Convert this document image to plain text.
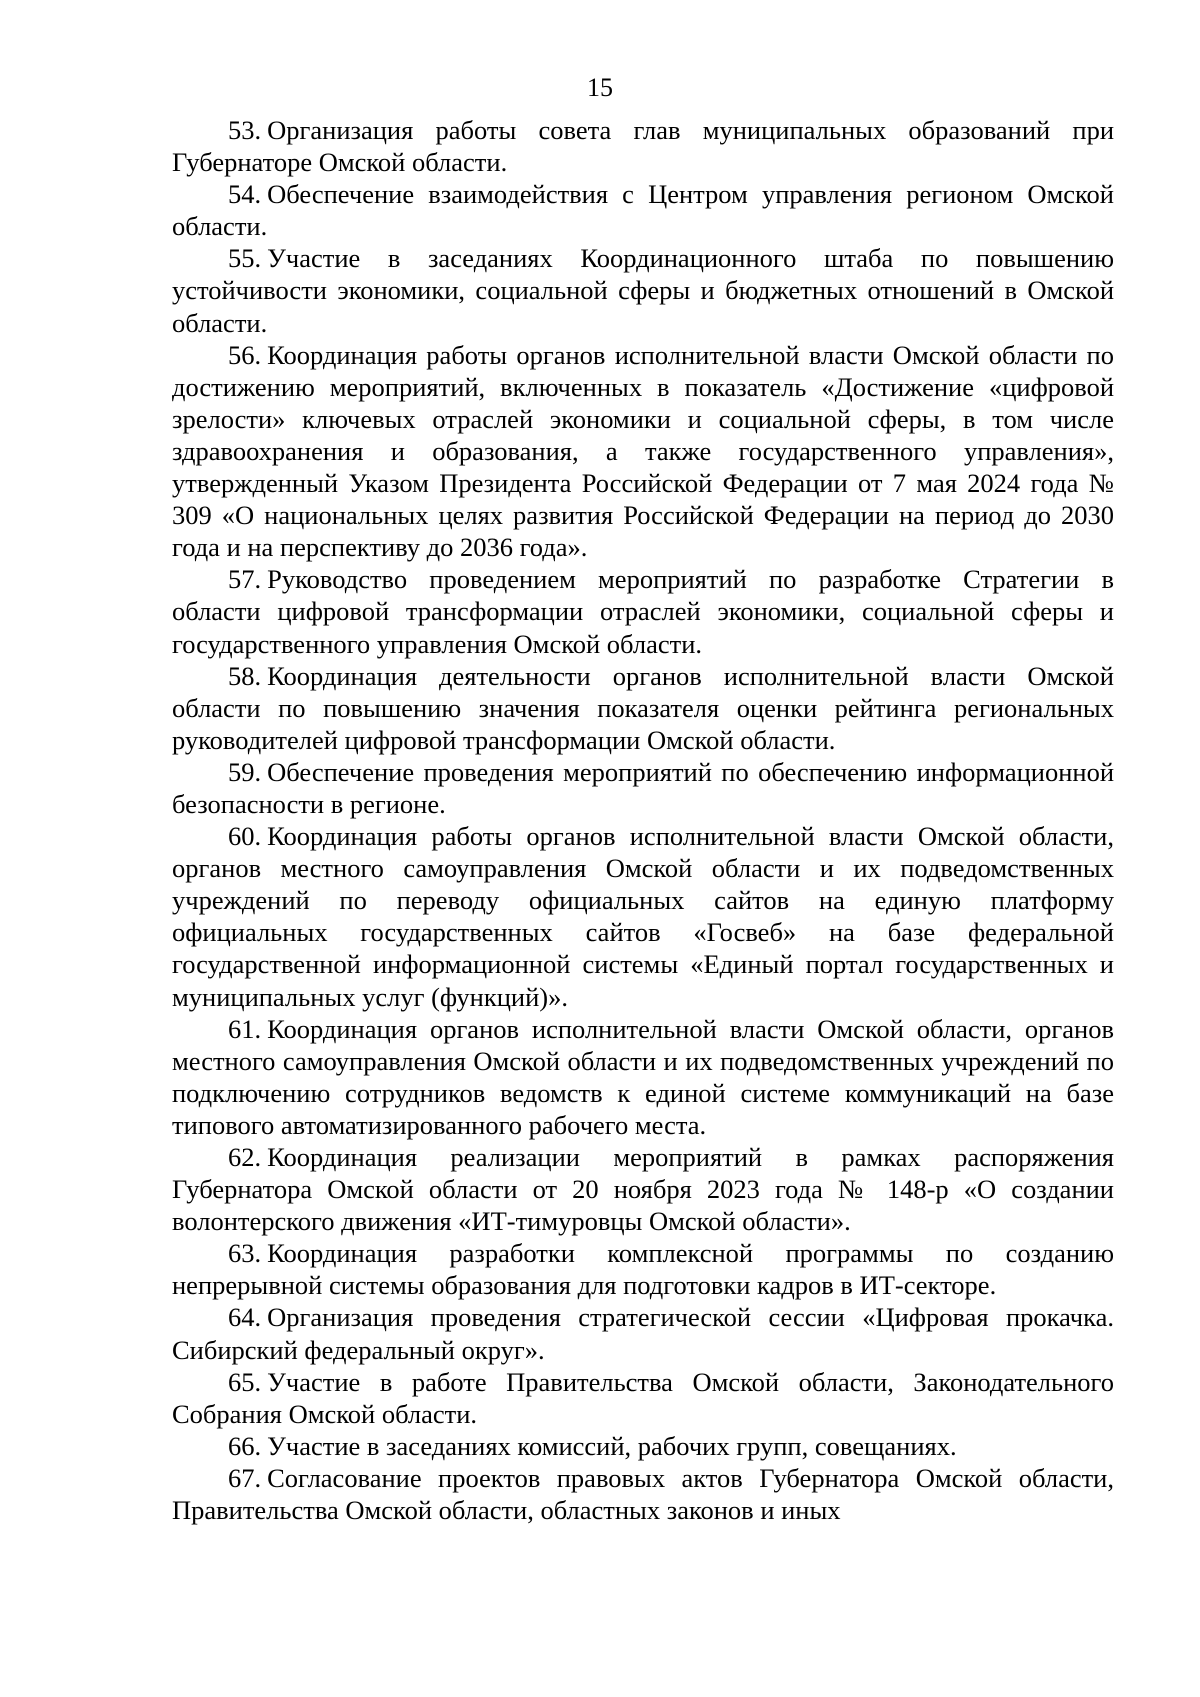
15

53. Организация работы совета глав муниципальных образований при Губернаторе Омской области.

54. Обеспечение взаимодействия с Центром управления регионом Омской области.

55. Участие в заседаниях Координационного штаба по повышению устойчивости экономики, социальной сферы и бюджетных отношений в Омской области.

56. Координация работы органов исполнительной власти Омской области по достижению мероприятий, включенных в показатель «Достижение «цифровой зрелости» ключевых отраслей экономики и социальной сферы, в том числе здравоохранения и образования, а также государственного управления», утвержденный Указом Президента Российской Федерации от 7 мая 2024 года № 309 «О национальных целях развития Российской Федерации на период до 2030 года и на перспективу до 2036 года».

57. Руководство проведением мероприятий по разработке Стратегии в области цифровой трансформации отраслей экономики, социальной сферы и государственного управления Омской области.

58. Координация деятельности органов исполнительной власти Омской области по повышению значения показателя оценки рейтинга региональных руководителей цифровой трансформации Омской области.

59. Обеспечение проведения мероприятий по обеспечению информационной безопасности в регионе.

60. Координация работы органов исполнительной власти Омской области, органов местного самоуправления Омской области и их подведомственных учреждений по переводу официальных сайтов на единую платформу официальных государственных сайтов «Госвеб» на базе федеральной государственной информационной системы «Единый портал государственных и муниципальных услуг (функций)».

61. Координация органов исполнительной власти Омской области, органов местного самоуправления Омской области и их подведомственных учреждений по подключению сотрудников ведомств к единой системе коммуникаций на базе типового автоматизированного рабочего места.

62. Координация реализации мероприятий в рамках распоряжения Губернатора Омской области от 20 ноября 2023 года № 148-р «О создании волонтерского движения «ИТ-тимуровцы Омской области».

63. Координация разработки комплексной программы по созданию непрерывной системы образования для подготовки кадров в ИТ-секторе.

64. Организация проведения стратегической сессии «Цифровая прокачка. Сибирский федеральный округ».

65. Участие в работе Правительства Омской области, Законодательного Собрания Омской области.

66. Участие в заседаниях комиссий, рабочих групп, совещаниях.

67. Согласование проектов правовых актов Губернатора Омской области, Правительства Омской области, областных законов и иных
